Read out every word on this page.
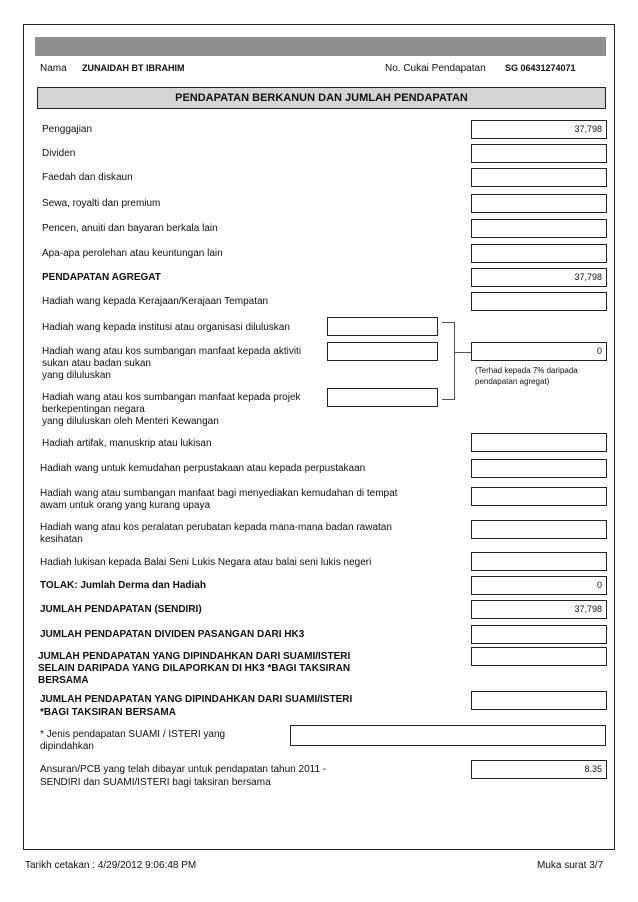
Nama ZUNAIDAH BT IBRAHIM	No. Cukai Pendapatan SG 06431274071
PENDAPATAN BERKANUN DAN JUMLAH PENDAPATAN
Penggajian	37,798
Dividen
Faedah dan diskaun
Sewa, royalti dan premium
Pencen, anuiti dan bayaran berkala lain
Apa-apa perolehan atau keuntungan lain
PENDAPATAN AGREGAT	37,798
Hadiah wang kepada Kerajaan/Kerajaan Tempatan
Hadiah wang kepada institusi atau organisasi diluluskan
Hadiah wang atau kos sumbangan manfaat kepada aktiviti
sukan atau badan sukan
yang diluluskan
Hadiah wang atau kos sumbangan manfaat kepada projek
berkepentingan negara
yang diluluskan oleh Menteri Kewangan
0
(Terhad kepada 7% daripada
pendapatan agregat)
Hadiah artifak, manuskrip atau lukisan
Hadiah wang untuk kemudahan perpustakaan atau kepada perpustakaan
Hadiah wang atau sumbangan manfaat bagi menyediakan kemudahan di tempat
awam untuk orang yang kurang upaya
Hadiah wang atau kos peralatan perubatan kepada mana-mana badan rawatan
kesihatan
Hadiah lukisan kepada Balai Seni Lukis Negara atau balai seni lukis negeri
TOLAK: Jumlah Derma dan Hadiah	0
JUMLAH PENDAPATAN (SENDIRI)	37,798
JUMLAH PENDAPATAN DIVIDEN PASANGAN DARI HK3
JUMLAH PENDAPATAN YANG DIPINDAHKAN DARI SUAMI/ISTERI
SELAIN DARIPADA YANG DILAPORKAN DI HK3 *BAGI TAKSIRAN
BERSAMA
JUMLAH PENDAPATAN YANG DIPINDAHKAN DARI SUAMI/ISTERI
*BAGI TAKSIRAN BERSAMA
* Jenis pendapatan SUAMI / ISTERI yang
dipindahkan
Ansuran/PCB yang telah dibayar untuk pendapatan tahun 2011 -
SENDIRI dan SUAMI/ISTERI bagi taksiran bersama
8.35
Tarikh cetakan : 4/29/2012 9:06:48 PM	Muka surat 3/7
